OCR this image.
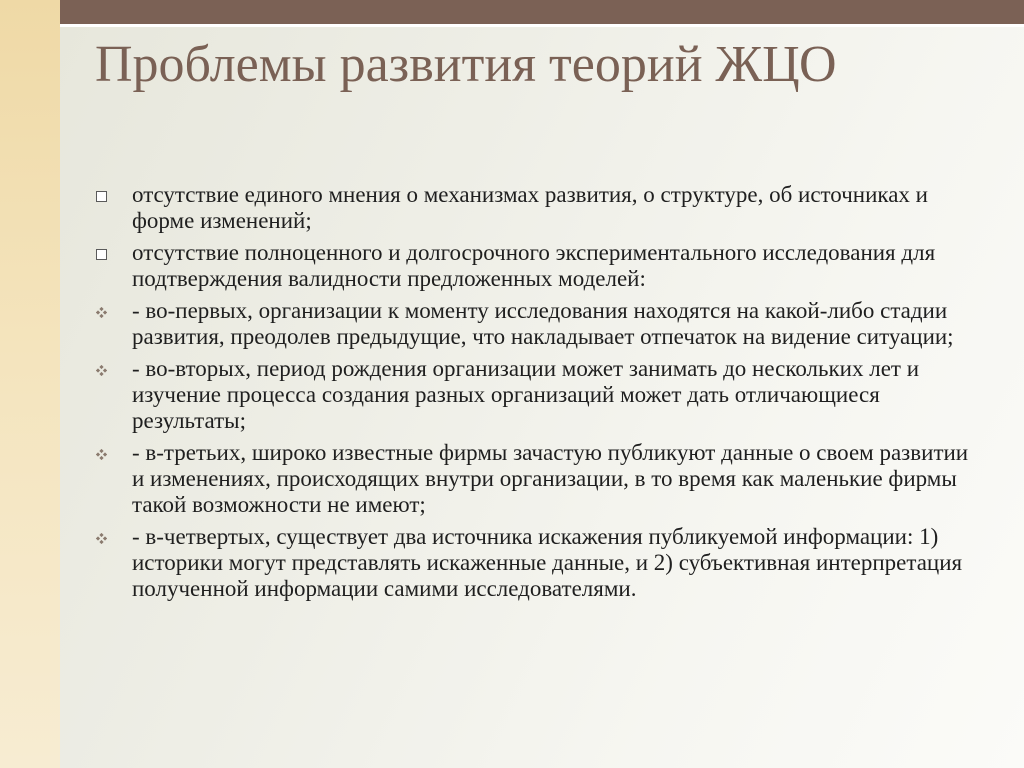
Проблемы развития теорий ЖЦО
отсутствие единого мнения о механизмах развития, о структуре, об источниках и форме изменений;
отсутствие полноценного и долгосрочного экспериментального исследования для подтверждения валидности предложенных моделей:
- во-первых, организации к моменту исследования находятся на какой-либо стадии развития, преодолев предыдущие, что накладывает отпечаток на видение ситуации;
- во-вторых, период рождения организации может занимать до нескольких лет и изучение процесса создания разных организаций может дать отличающиеся результаты;
- в-третьих, широко известные фирмы зачастую публикуют данные о своем развитии и изменениях, происходящих внутри организации, в то время как маленькие фирмы такой возможности не имеют;
- в-четвертых, существует два источника искажения публикуемой информации: 1) историки могут представлять искаженные данные, и 2) субъективная интерпретация полученной информации самими исследователями.
